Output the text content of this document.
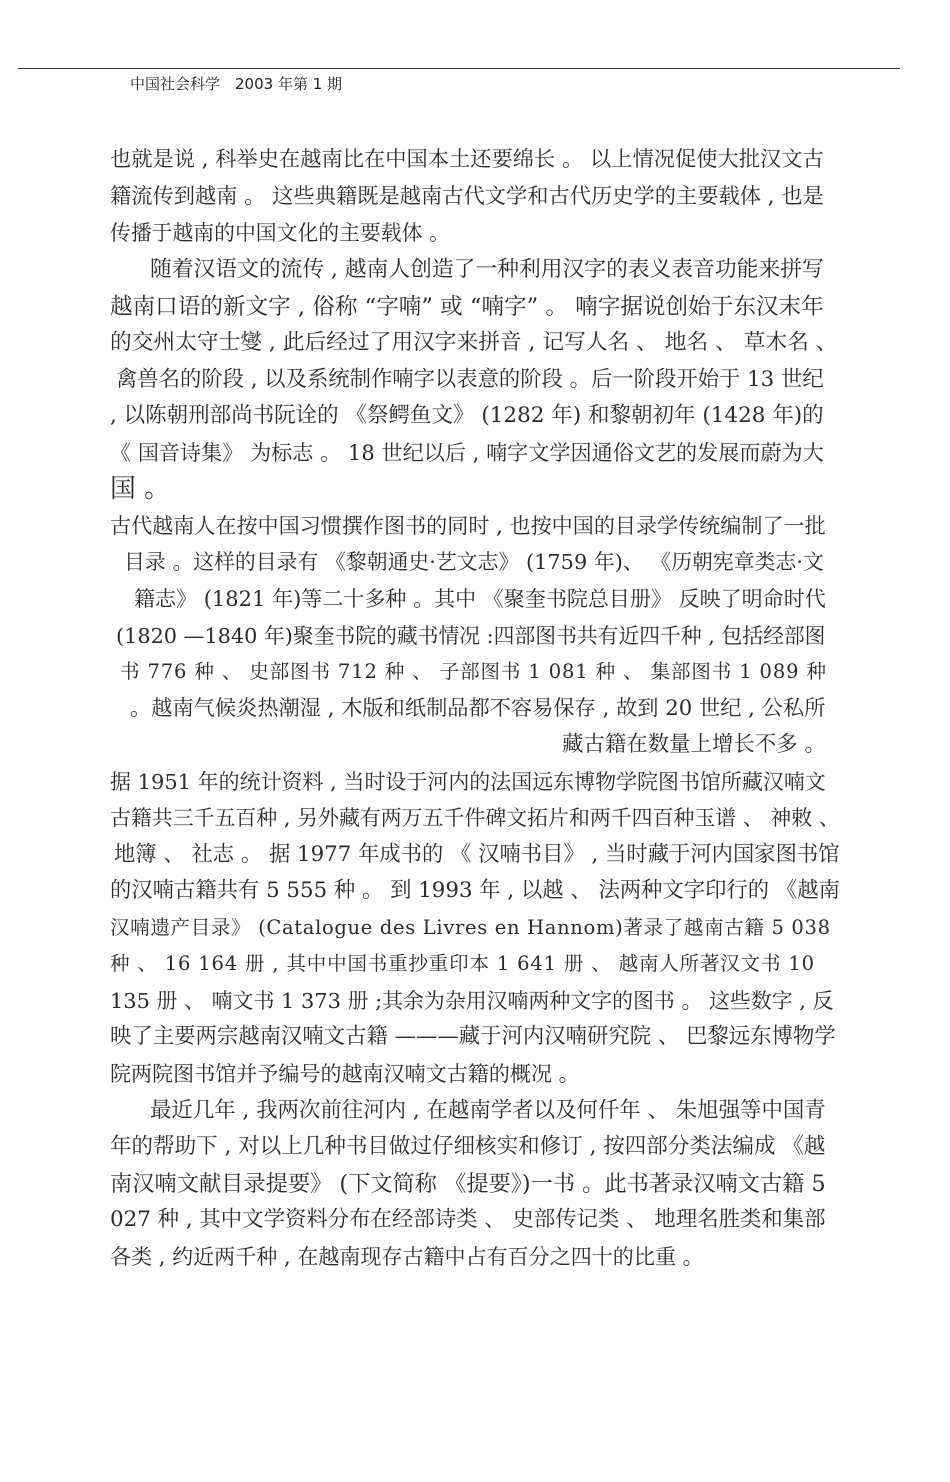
中国社会科学　2003 年第 1 期
也就是说 , 科举史在越南比在中国本土还要绵长 。 以上情况促使大批汉文古
籍流传到越南 。 这些典籍既是越南古代文学和古代历史学的主要载体 , 也是
传播于越南的中国文化的主要载体 。
随着汉语文的流传 , 越南人创造了一种利用汉字的表义表音功能来拼写
越南口语的新文字 , 俗称 “字喃” 或 “喃字” 。 喃字据说创始于东汉末年
的交州太守士燮 , 此后经过了用汉字来拼音 , 记写人名 、 地名 、 草木名 、
禽兽名的阶段 , 以及系统制作喃字以表意的阶段 。后一阶段开始于 13 世纪
, 以陈朝刑部尚书阮诠的 《祭鳄鱼文》 (1282 年) 和黎朝初年 (1428 年)的
《 国音诗集》 为标志 。 18 世纪以后 , 喃字文学因通俗文艺的发展而蔚为大
国 。
古代越南人在按中国习惯撰作图书的同时 , 也按中国的目录学传统编制了一批
目录 。这样的目录有 《黎朝通史·艺文志》 (1759 年)、 《历朝宪章类志·文
籍志》 (1821 年)等二十多种 。其中 《聚奎书院总目册》 反映了明命时代
(1820 —1840 年)聚奎书院的藏书情况 :四部图书共有近四千种 , 包括经部图
书 776 种 、 史部图书 712 种 、 子部图书 1 081 种 、 集部图书 1 089 种
。越南气候炎热潮湿 , 木版和纸制品都不容易保存 , 故到 20 世纪 , 公私所
藏古籍在数量上增长不多 。
据 1951 年的统计资料 , 当时设于河内的法国远东博物学院图书馆所藏汉喃文
古籍共三千五百种 , 另外藏有两万五千件碑文拓片和两千四百种玉谱 、 神敕 、
地簿 、 社志 。 据 1977 年成书的 《 汉喃书目》 , 当时藏于河内国家图书馆
的汉喃古籍共有 5 555 种 。 到 1993 年 , 以越 、 法两种文字印行的 《越南
汉喃遗产目录》 (Catalogue des Livres en Hannom)著录了越南古籍 5 038
种 、 16 164 册 , 其中中国书重抄重印本 1 641 册 、 越南人所著汉文书 10
135 册 、 喃文书 1 373 册 ;其余为杂用汉喃两种文字的图书 。 这些数字 , 反
映了主要两宗越南汉喃文古籍 ———藏于河内汉喃研究院 、 巴黎远东博物学
院两院图书馆并予编号的越南汉喃文古籍的概况 。
最近几年 , 我两次前往河内 , 在越南学者以及何仟年 、 朱旭强等中国青
年的帮助下 , 对以上几种书目做过仔细核实和修订 , 按四部分类法编成 《越
南汉喃文献目录提要》 (下文简称 《提要》)一书 。此书著录汉喃文古籍 5
027 种 , 其中文学资料分布在经部诗类 、 史部传记类 、 地理名胜类和集部
各类 , 约近两千种 , 在越南现存古籍中占有百分之四十的比重 。
